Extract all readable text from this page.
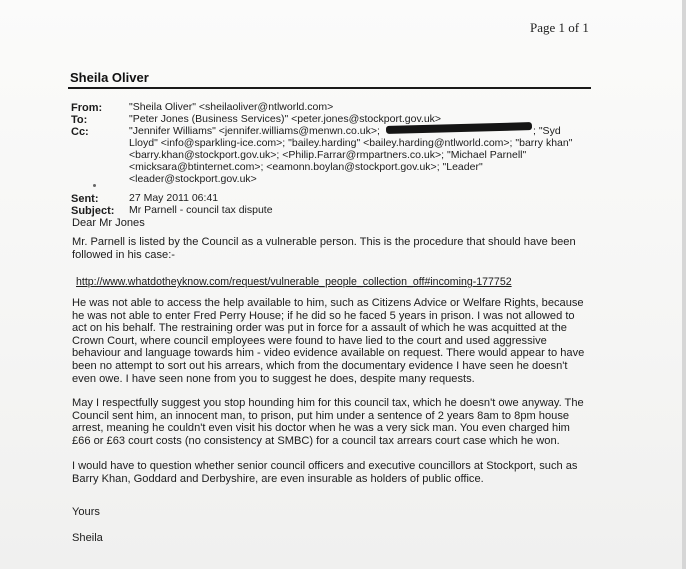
Page 1 of 1
Sheila Oliver
From:
To:
Cc:
Sent:
Subject:
"Sheila Oliver" <sheilaoliver@ntlworld.com>
"Peter Jones (Business Services)" <peter.jones@stockport.gov.uk>
"Jennifer Williams" <jennifer.williams@menwn.co.uk>;	; "Syd
Lloyd" <info@sparkling-ice.com>; "bailey.harding" <bailey.harding@ntlworld.com>; "barry khan"
<barry.khan@stockport.gov.uk>; <Philip.Farrar@rmpartners.co.uk>; "Michael Parnell"
<micksara@btinternet.com>; <eamonn.boylan@stockport.gov.uk>; "Leader"
<leader@stockport.gov.uk>
27 May 2011 06:41
Mr Parnell - council tax dispute
Dear Mr Jones
Mr. Parnell is listed by the Council as a vulnerable person. This is the procedure that should have been
followed in his case:-
http://www.whatdotheyknow.com/request/vulnerable_people_collection_off#incoming-177752
He was not able to access the help available to him, such as Citizens Advice or Welfare Rights, because
he was not able to enter Fred Perry House; if he did so he faced 5 years in prison. I was not allowed to
act on his behalf. The restraining order was put in force for a assault of which he was acquitted at the
Crown Court, where council employees were found to have lied to the court and used aggressive
behaviour and language towards him - video evidence available on request. There would appear to have
been no attempt to sort out his arrears, which from the documentary evidence I have seen he doesn't
even owe. I have seen none from you to suggest he does, despite many requests.
May I respectfully suggest you stop hounding him for this council tax, which he doesn't owe anyway. The
Council sent him, an innocent man, to prison, put him under a sentence of 2 years 8am to 8pm house
arrest, meaning he couldn't even visit his doctor when he was a very sick man. You even charged him
£66 or £63 court costs (no consistency at SMBC) for a council tax arrears court case which he won.
I would have to question whether senior council officers and executive councillors at Stockport, such as
Barry Khan, Goddard and Derbyshire, are even insurable as holders of public office.
Yours
Sheila
